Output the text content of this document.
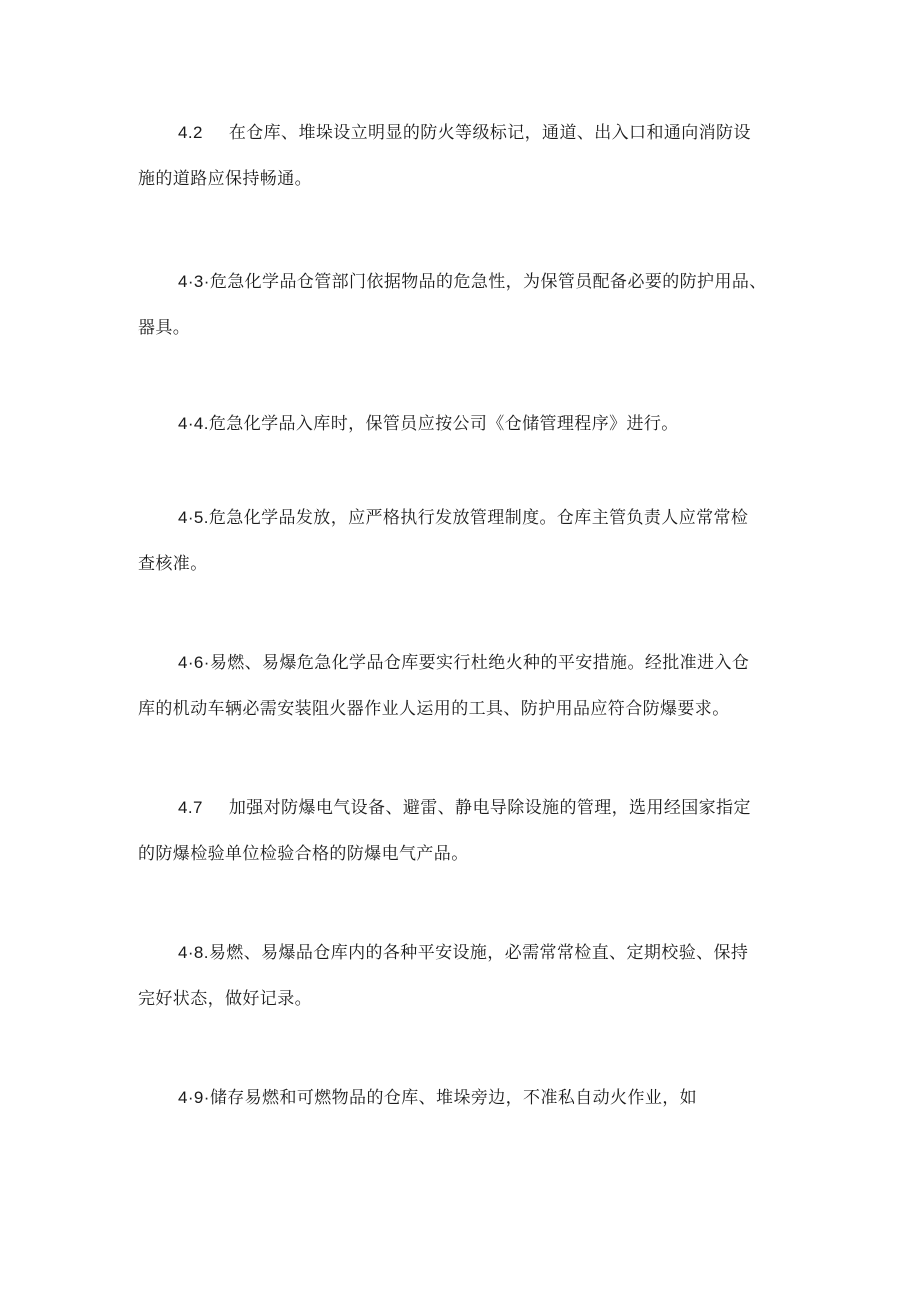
4.2 在仓库、堆垛设立明显的防火等级标记，通道、出入口和通向消防设
施的道路应保持畅通。
4·3·危急化学品仓管部门依据物品的危急性，为保管员配备必要的防护用品、
器具。
4·4.危急化学品入库时，保管员应按公司《仓储管理程序》进行。
4·5.危急化学品发放，应严格执行发放管理制度。仓库主管负责人应常常检
查核准。
4·6·易燃、易爆危急化学品仓库要实行杜绝火种的平安措施。经批准进入仓
库的机动车辆必需安装阻火器作业人运用的工具、防护用品应符合防爆要求。
4.7 加强对防爆电气设备、避雷、静电导除设施的管理，选用经国家指定
的防爆检验单位检验合格的防爆电气产品。
4·8.易燃、易爆品仓库内的各种平安设施，必需常常检直、定期校验、保持
完好状态，做好记录。
4·9·储存易燃和可燃物品的仓库、堆垛旁边，不准私自动火作业，如
